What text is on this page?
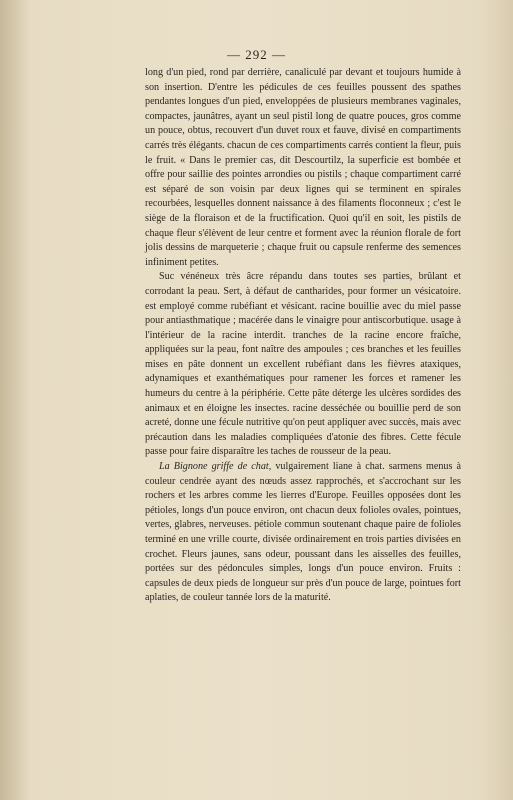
— 292 —

long d'un pied, rond par derrière, canaliculé par devant et toujours humide à son insertion. D'entre les pédicules de ces feuilles poussent des spathes pendantes longues d'un pied, enveloppées de plusieurs membranes vaginales, compactes, jaunâtres, ayant un seul pistil long de quatre pouces, gros comme un pouce, obtus, recouvert d'un duvet roux et fauve, divisé en compartiments carrés très élégants. chacun de ces compartiments carrés contient la fleur, puis le fruit. « Dans le premier cas, dit Descourtilz, la superficie est bombée et offre pour saillie des pointes arrondies ou pistils ; chaque compartiment carré est séparé de son voisin par deux lignes qui se terminent en spirales recourbées, lesquelles donnent naissance à des filaments floconneux ; c'est le siège de la floraison et de la fructification. Quoi qu'il en soit, les pistils de chaque fleur s'élèvent de leur centre et forment avec la réunion florale de fort jolis dessins de marqueterie ; chaque fruit ou capsule renferme des semences infiniment petites.

Suc vénéneux très âcre répandu dans toutes ses parties, brûlant et corrodant la peau. Sert, à défaut de cantharides, pour former un vésicatoire. est employé comme rubéfiant et vésicant. racine bouillie avec du miel passe pour antiasthmatique ; macérée dans le vinaigre pour antiscorbutique. usage à l'intérieur de la racine interdit. tranches de la racine encore fraîche, appliquées sur la peau, font naître des ampoules ; ces branches et les feuilles mises en pâte donnent un excellent rubéfiant dans les fièvres ataxiques, adynamiques et exanthématiques pour ramener les forces et ramener les humeurs du centre à la périphérie. Cette pâte déterge les ulcères sordides des animaux et en éloigne les insectes. racine desséchée ou bouillie perd de son acreté, donne une fécule nutritive qu'on peut appliquer avec succès, mais avec précaution dans les maladies compliquées d'atonie des fibres. Cette fécule passe pour faire disparaître les taches de rousseur de la peau.

La Bignone griffe de chat, vulgairement liane à chat. sarmens menus à couleur cendrée ayant des nœuds assez rapprochés, et s'accrochant sur les rochers et les arbres comme les lierres d'Europe. Feuilles opposées dont les pétioles, longs d'un pouce environ, ont chacun deux folioles ovales, pointues, vertes, glabres, nerveuses. pétiole commun soutenant chaque paire de folioles terminé en une vrille courte, divisée ordinairement en trois parties divisées en crochet. Fleurs jaunes, sans odeur, poussant dans les aisselles des feuilles, portées sur des pédoncules simples, longs d'un pouce environ. Fruits : capsules de deux pieds de longueur sur près d'un pouce de large, pointues fort aplaties, de couleur tannée lors de la maturité.
